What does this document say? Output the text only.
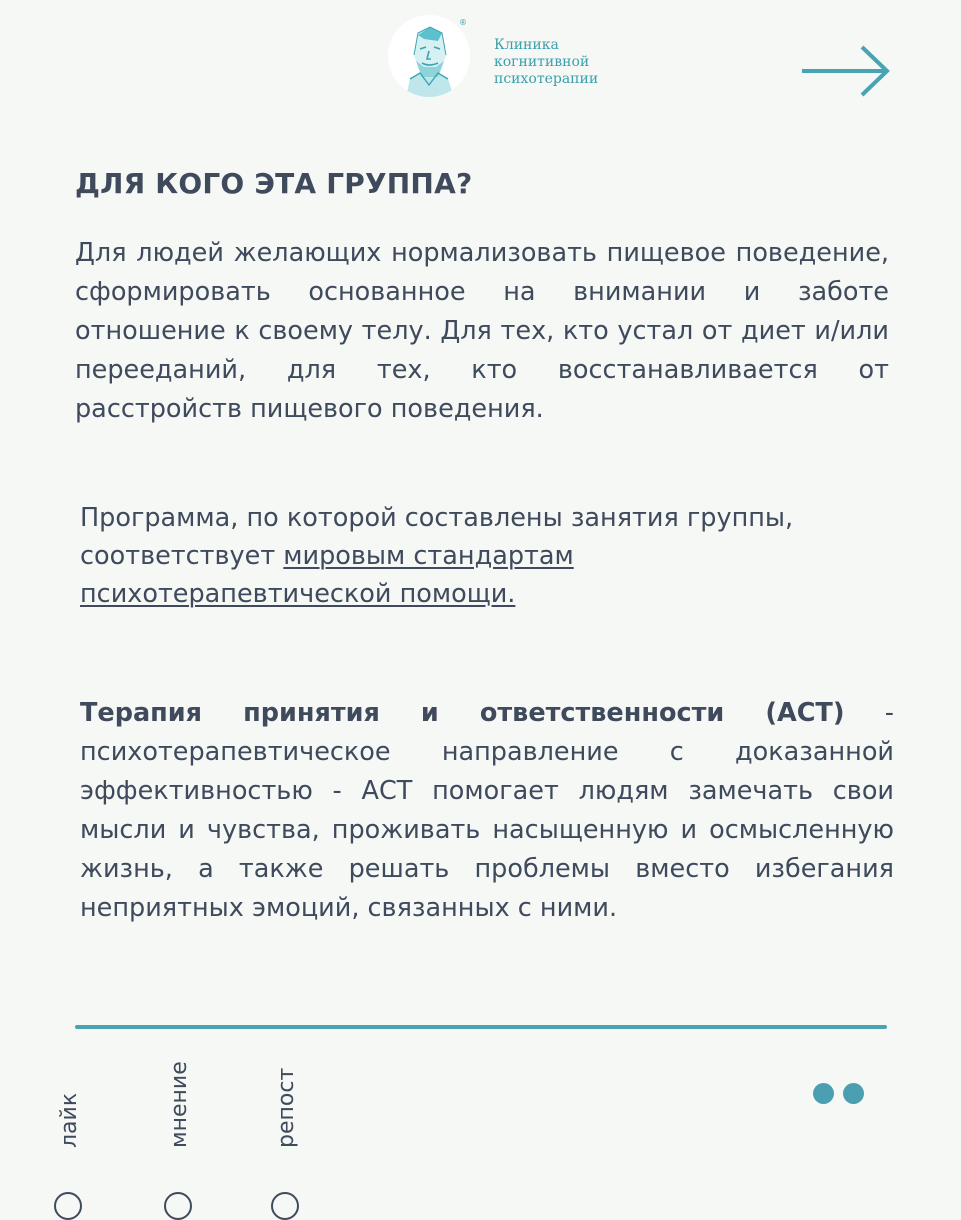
®
Клиника
когнитивной
психотерапии
ДЛЯ КОГО ЭТА ГРУППА?

Для людей желающих нормализовать пищевое поведение, сформировать основанное на внимании и заботе отношение к своему телу. Для тех, кто устал от диет и/или переeданий, для тех, кто восстанавливается от расстройств пищевого поведения.

Программа, по которой составлены занятия группы, соответствует мировым стандартам психотерапевтической помощи.

Терапия принятия и ответственности (АСТ) - психотерапевтическое направление с доказанной эффективностью - АСТ помогает людям замечать свои мысли и чувства, проживать насыщенную и осмысленную жизнь, а также решать проблемы вместо избегания неприятных эмоций, связанных с ними.

лайк	мнение	репост
